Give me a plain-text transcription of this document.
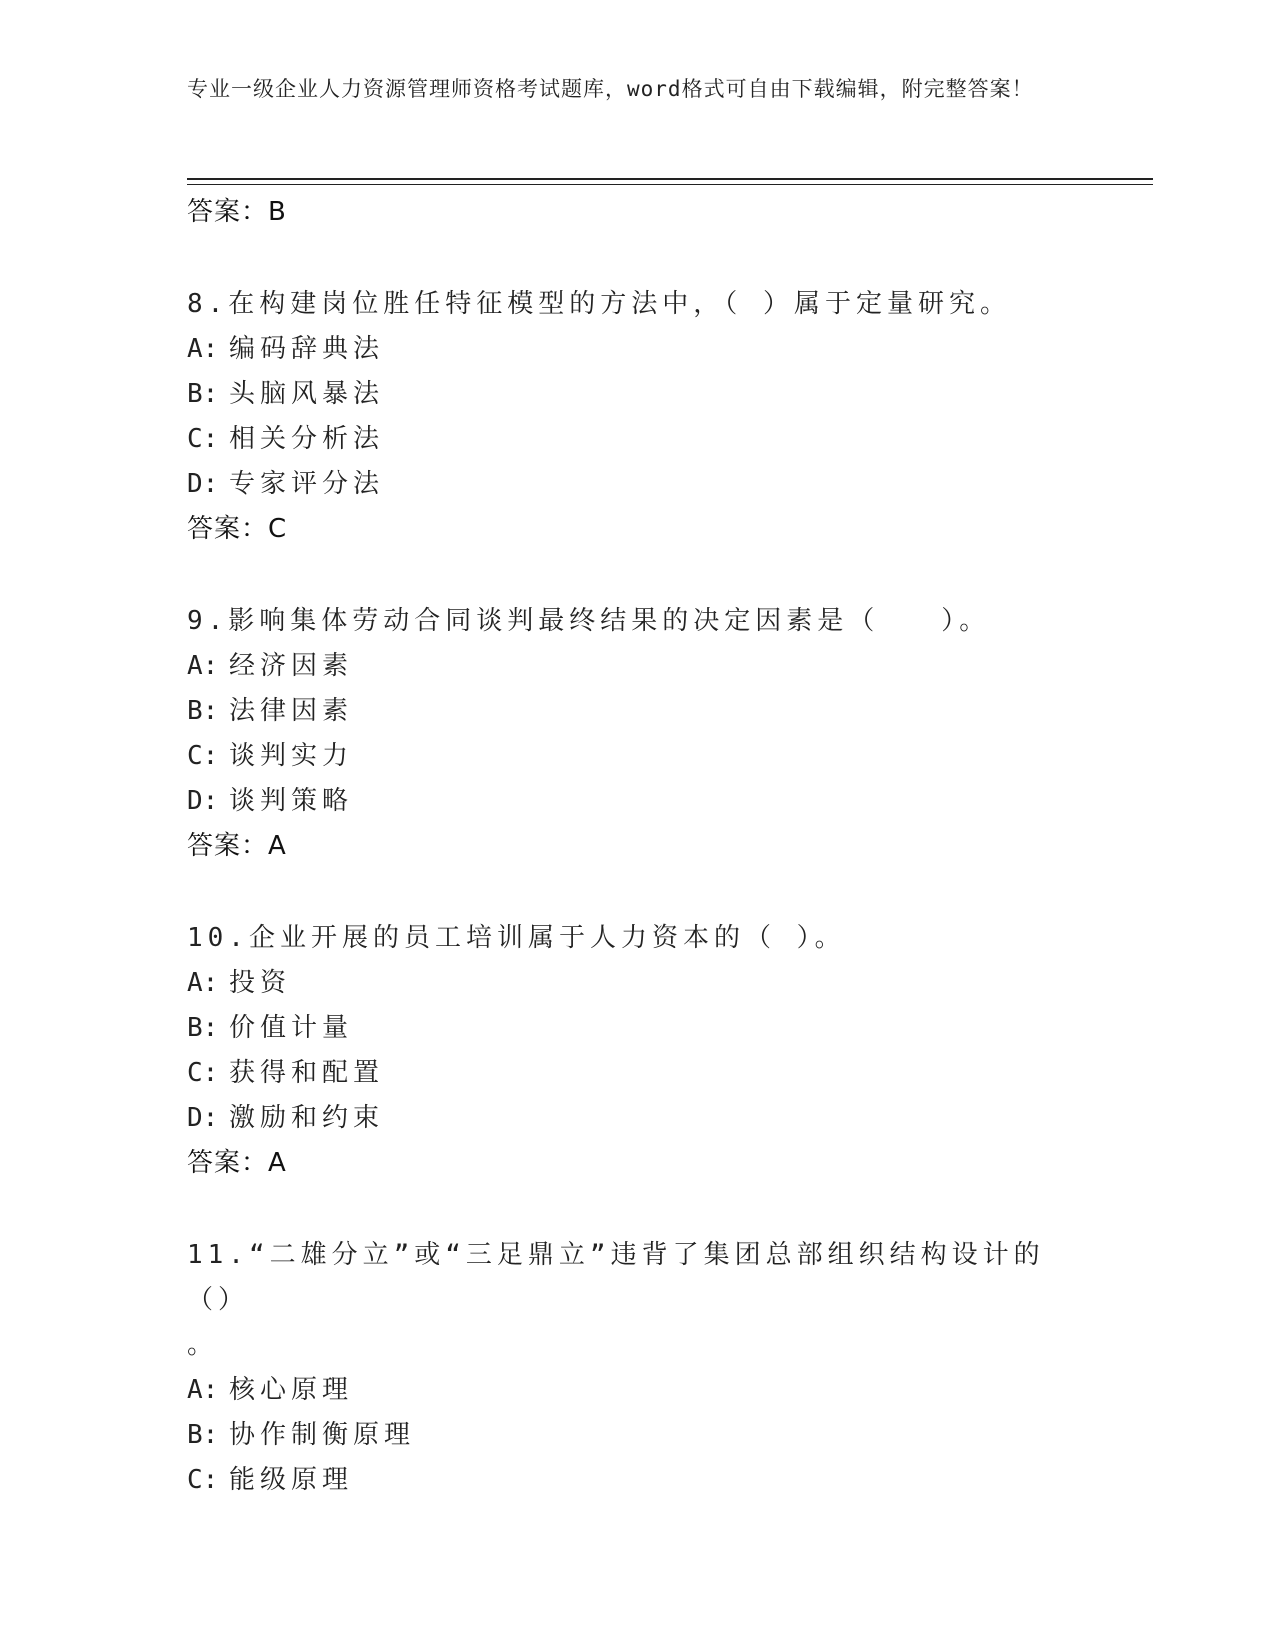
专业一级企业人力资源管理师资格考试题库，word格式可自由下载编辑，附完整答案！
答案：B
8.在构建岗位胜任特征模型的方法中，（ ）属于定量研究。
A: 编码辞典法
B: 头脑风暴法
C: 相关分析法
D: 专家评分法
答案：C
9.影响集体劳动合同谈判最终结果的决定因素是（　　）。
A: 经济因素
B: 法律因素
C: 谈判实力
D: 谈判策略
答案：A
10.企业开展的员工培训属于人力资本的（ ）。
A: 投资
B: 价值计量
C: 获得和配置
D: 激励和约束
答案：A
11.“二雄分立”或“三足鼎立”违背了集团总部组织结构设计的（）
。
A: 核心原理
B: 协作制衡原理
C: 能级原理
